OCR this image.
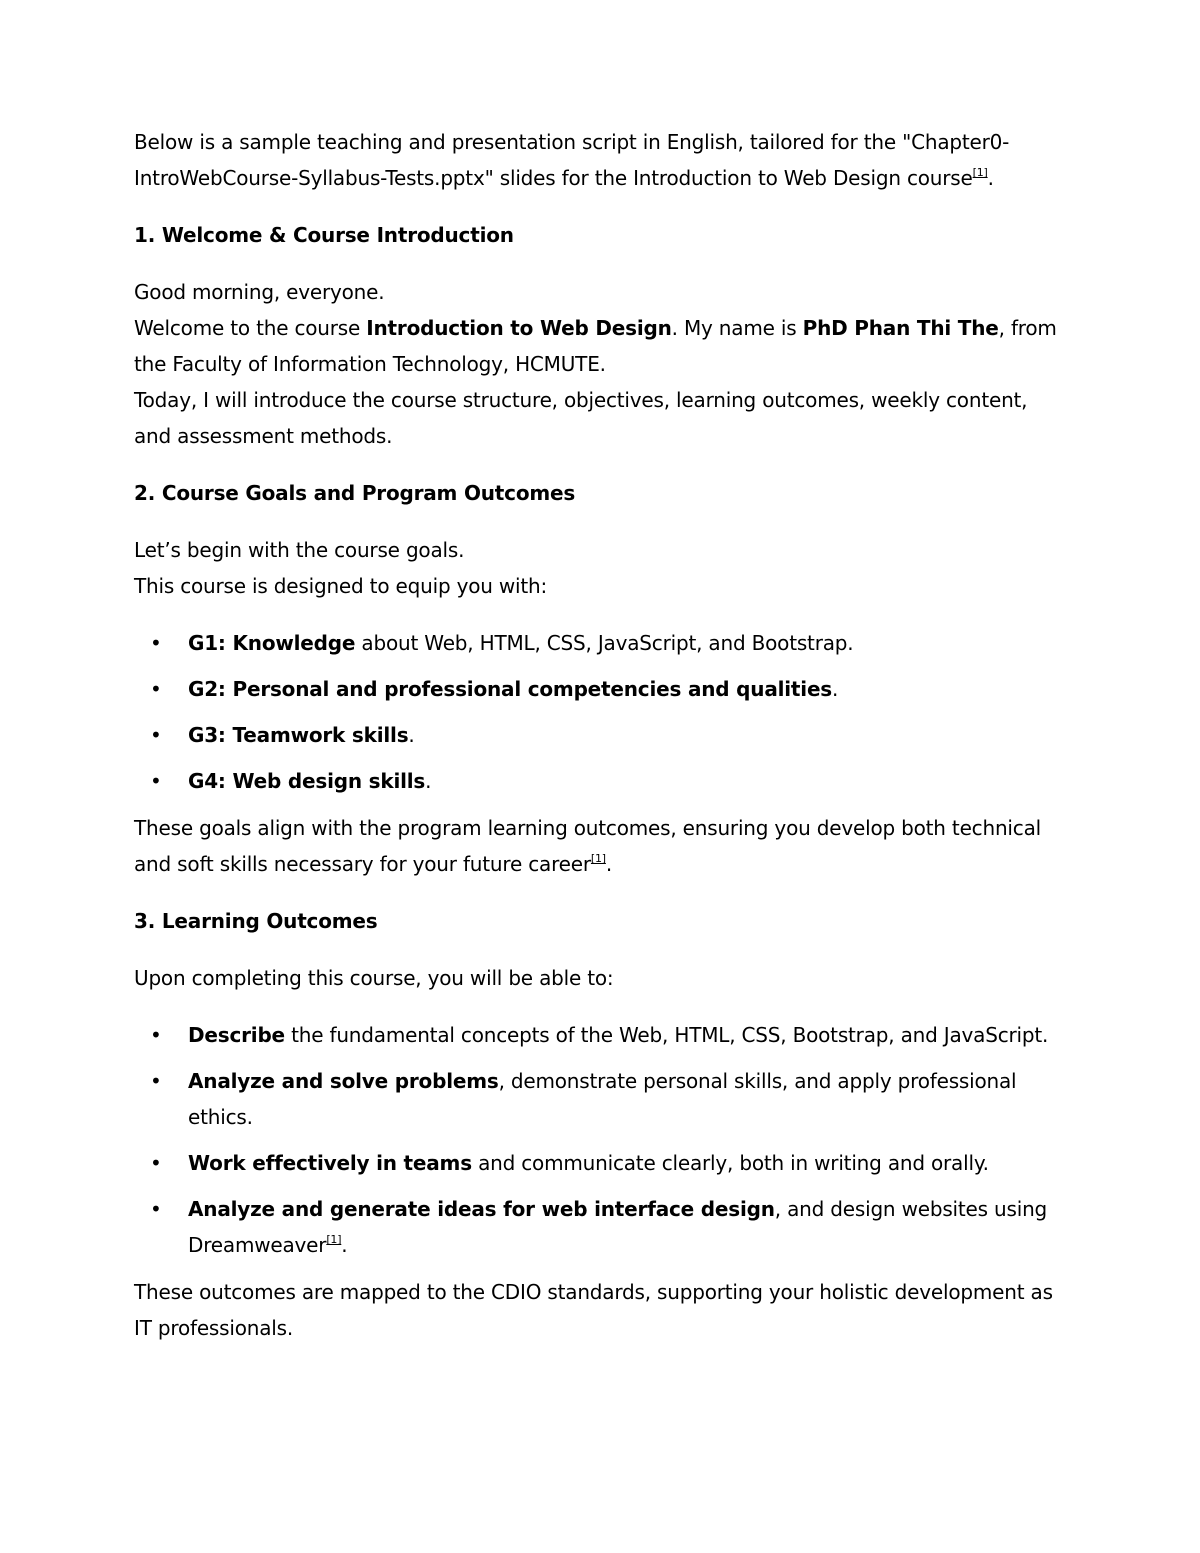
Below is a sample teaching and presentation script in English, tailored for the "Chapter0-IntroWebCourse-Syllabus-Tests.pptx" slides for the Introduction to Web Design course[1].

1. Welcome & Course Introduction

Good morning, everyone.

Welcome to the course Introduction to Web Design. My name is PhD Phan Thi The, from the Faculty of Information Technology, HCMUTE.

Today, I will introduce the course structure, objectives, learning outcomes, weekly content, and assessment methods.

2. Course Goals and Program Outcomes

Let’s begin with the course goals.

This course is designed to equip you with:

• G1: Knowledge about Web, HTML, CSS, JavaScript, and Bootstrap.
• G2: Personal and professional competencies and qualities.
• G3: Teamwork skills.
• G4: Web design skills.

These goals align with the program learning outcomes, ensuring you develop both technical and soft skills necessary for your future career[1].

3. Learning Outcomes

Upon completing this course, you will be able to:

• Describe the fundamental concepts of the Web, HTML, CSS, Bootstrap, and JavaScript.
• Analyze and solve problems, demonstrate personal skills, and apply professional ethics.
• Work effectively in teams and communicate clearly, both in writing and orally.
• Analyze and generate ideas for web interface design, and design websites using Dreamweaver[1].

These outcomes are mapped to the CDIO standards, supporting your holistic development as IT professionals.
